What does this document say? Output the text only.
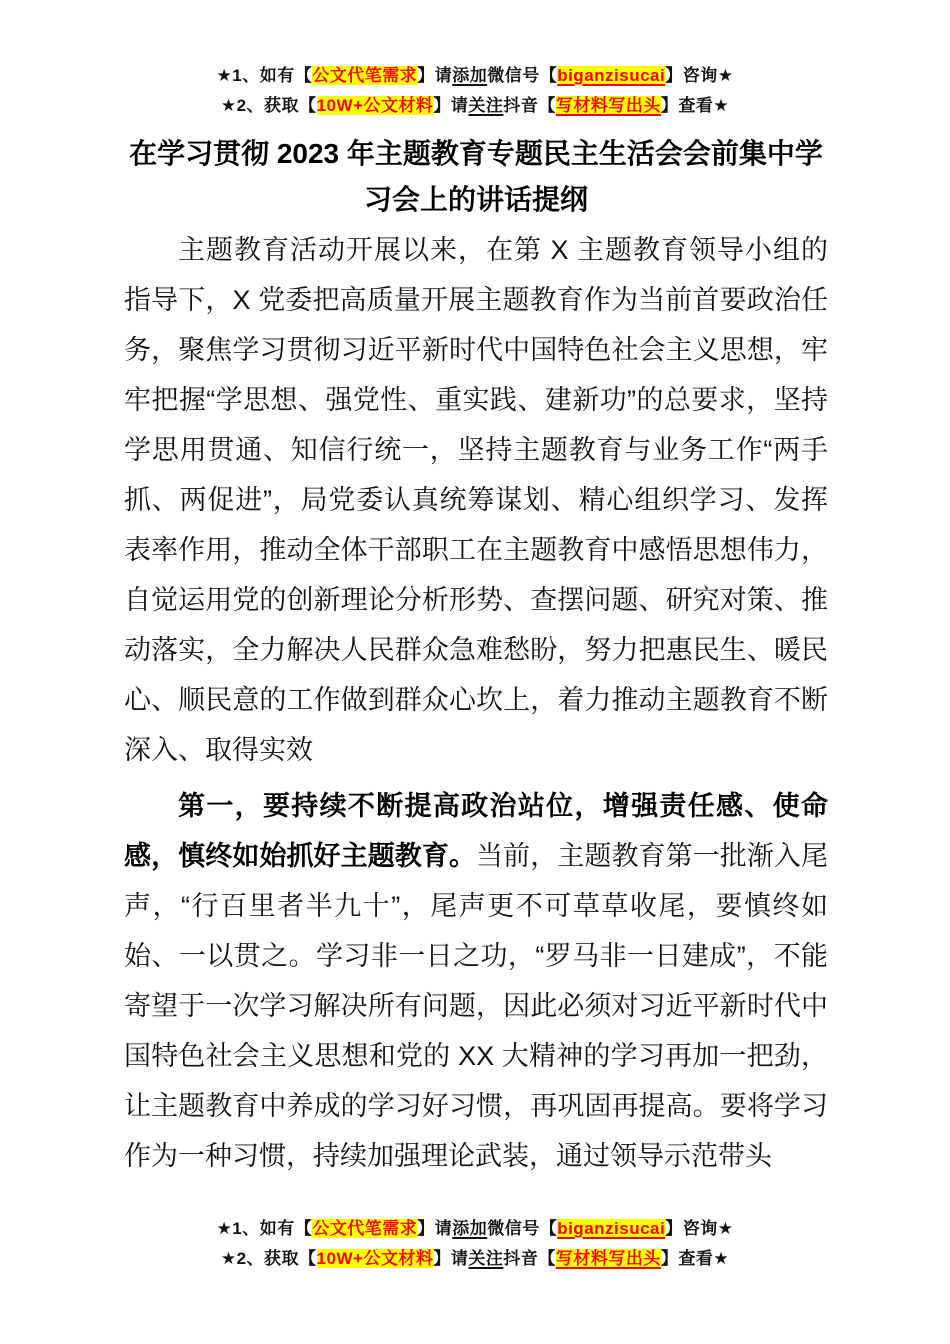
★1、如有【公文代笔需求】请添加微信号【biganzisucai】咨询★
★2、获取【10W+公文材料】请关注抖音【写材料写出头】查看★
在学习贯彻 2023 年主题教育专题民主生活会会前集中学习会上的讲话提纲

主题教育活动开展以来，在第 X 主题教育领导小组的指导下，X 党委把高质量开展主题教育作为当前首要政治任务，聚焦学习贯彻习近平新时代中国特色社会主义思想，牢牢把握“学思想、强党性、重实践、建新功”的总要求，坚持学思用贯通、知信行统一，坚持主题教育与业务工作“两手抓、两促进”，局党委认真统筹谋划、精心组织学习、发挥表率作用，推动全体干部职工在主题教育中感悟思想伟力，自觉运用党的创新理论分析形势、查摆问题、研究对策、推动落实，全力解决人民群众急难愁盼，努力把惠民生、暖民心、顺民意的工作做到群众心坎上，着力推动主题教育不断深入、取得实效

第一，要持续不断提高政治站位，增强责任感、使命感，慎终如始抓好主题教育。当前，主题教育第一批渐入尾声，“行百里者半九十”，尾声更不可草草收尾，要慎终如始、一以贯之。学习非一日之功，“罗马非一日建成”，不能寄望于一次学习解决所有问题，因此必须对习近平新时代中国特色社会主义思想和党的 XX 大精神的学习再加一把劲，让主题教育中养成的学习好习惯，再巩固再提高。要将学习作为一种习惯，持续加强理论武装，通过领导示范带头

★1、如有【公文代笔需求】请添加微信号【biganzisucai】咨询★
★2、获取【10W+公文材料】请关注抖音【写材料写出头】查看★
